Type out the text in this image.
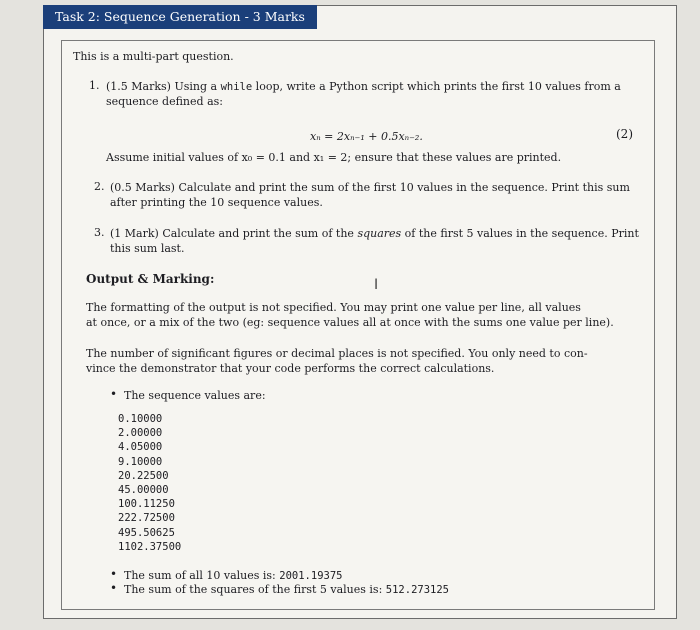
Task 2: Sequence Generation - 3 Marks
This is a multi-part question.
1. (1.5 Marks) Using a while loop, write a Python script which prints the first 10 values from a
sequence defined as:
xₙ = 2xₙ₋₁ + 0.5xₙ₋₂.	(2)
Assume initial values of x₀ = 0.1 and x₁ = 2; ensure that these values are printed.
2. (0.5 Marks) Calculate and print the sum of the first 10 values in the sequence. Print this sum
after printing the 10 sequence values.
3. (1 Mark) Calculate and print the sum of the squares of the first 5 values in the sequence. Print
this sum last.
Output & Marking:	I
The formatting of the output is not specified. You may print one value per line, all values
at once, or a mix of the two (eg: sequence values all at once with the sums one value per line).
The number of significant figures or decimal places is not specified. You only need to con-
vince the demonstrator that your code performs the correct calculations.
• The sequence values are:
• The sum of all 10 values is: 2001.19375
• The sum of the squares of the first 5 values is: 512.273125
0.10000
2.00000
4.05000
9.10000
20.22500
45.00000
100.11250
222.72500
495.50625
1102.37500
